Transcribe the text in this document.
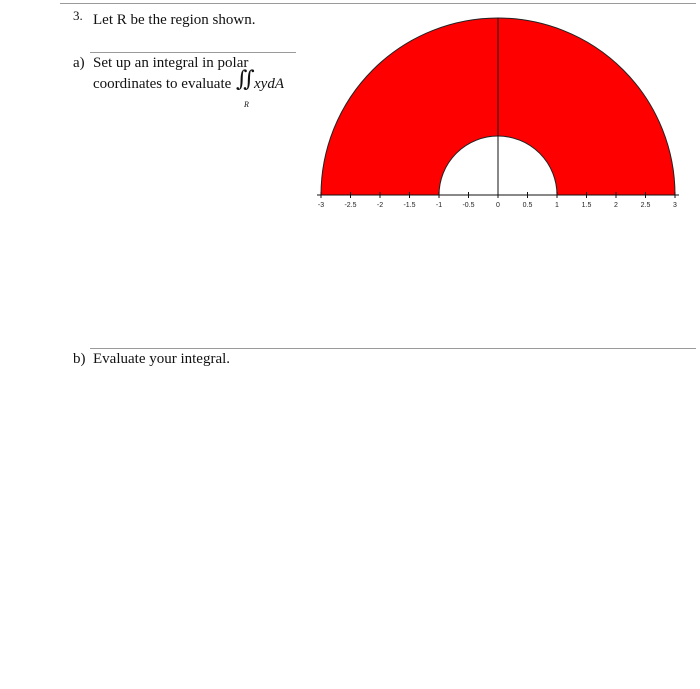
3. Let R be the region shown.
a) Set up an integral in polar
coordinates to evaluate ∬ xydA
R
b) Evaluate your integral.
-3	-2.5	-2	-1.5	-1	-0.5	0	0.5	1	1.5	2	2.5	3
